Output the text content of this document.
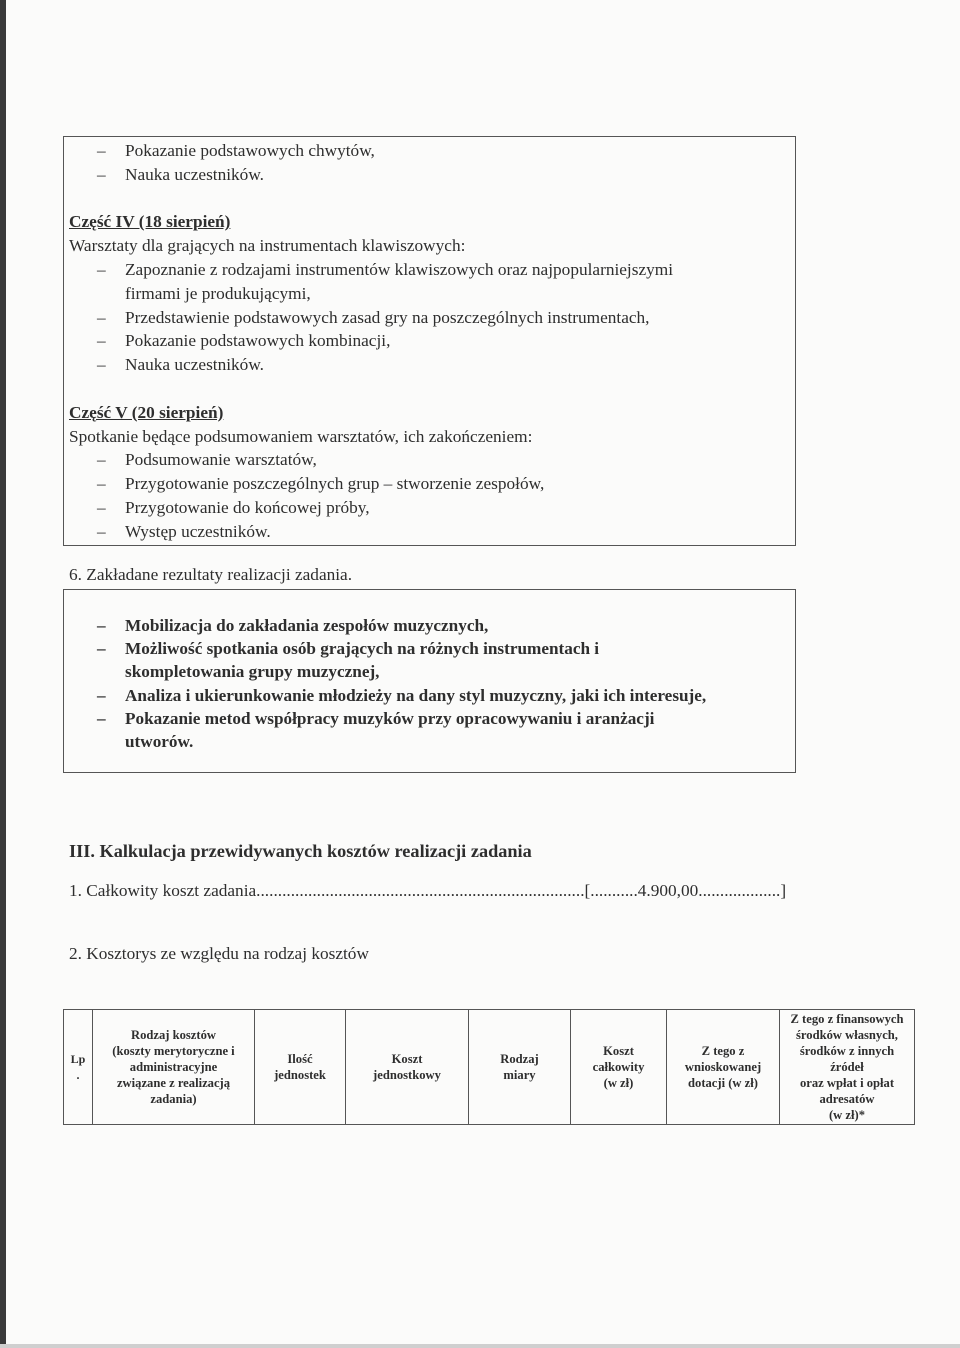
– Pokazanie podstawowych chwytów,
– Nauka uczestników.
Część IV (18 sierpień)
Warsztaty dla grających na instrumentach klawiszowych:
– Zapoznanie z rodzajami instrumentów klawiszowych oraz najpopularniejszymi
firmami je produkującymi,
– Przedstawienie podstawowych zasad gry na poszczególnych instrumentach,
– Pokazanie podstawowych kombinacji,
– Nauka uczestników.
Część V (20 sierpień)
Spotkanie będące podsumowaniem warsztatów, ich zakończeniem:
– Podsumowanie warsztatów,
– Przygotowanie poszczególnych grup – stworzenie zespołów,
– Przygotowanie do końcowej próby,
– Występ uczestników.
6. Zakładane rezultaty realizacji zadania.
– Mobilizacja do zakładania zespołów muzycznych,
– Możliwość spotkania osób grających na różnych instrumentach i
skompletowania grupy muzycznej,
– Analiza i ukierunkowanie młodzieży na dany styl muzyczny, jaki ich interesuje,
– Pokazanie metod współpracy muzyków przy opracowywaniu i aranżacji
utworów.
III. Kalkulacja przewidywanych kosztów realizacji zadania
1. Całkowity koszt zadania............................................................................[...........4.900,00...................]
2. Kosztorys ze względu na rodzaj kosztów
Lp
.	Rodzaj kosztów
(koszty merytoryczne i
administracyjne
związane z realizacją
zadania)	Ilość
jednostek	Koszt
jednostkowy	Rodzaj
miary	Koszt
całkowity
(w zł)	Z tego z
wnioskowanej
dotacji (w zł)	Z tego z finansowych
środków własnych,
środków z innych źródeł
oraz wpłat i opłat
adresatów
(w zł)*
